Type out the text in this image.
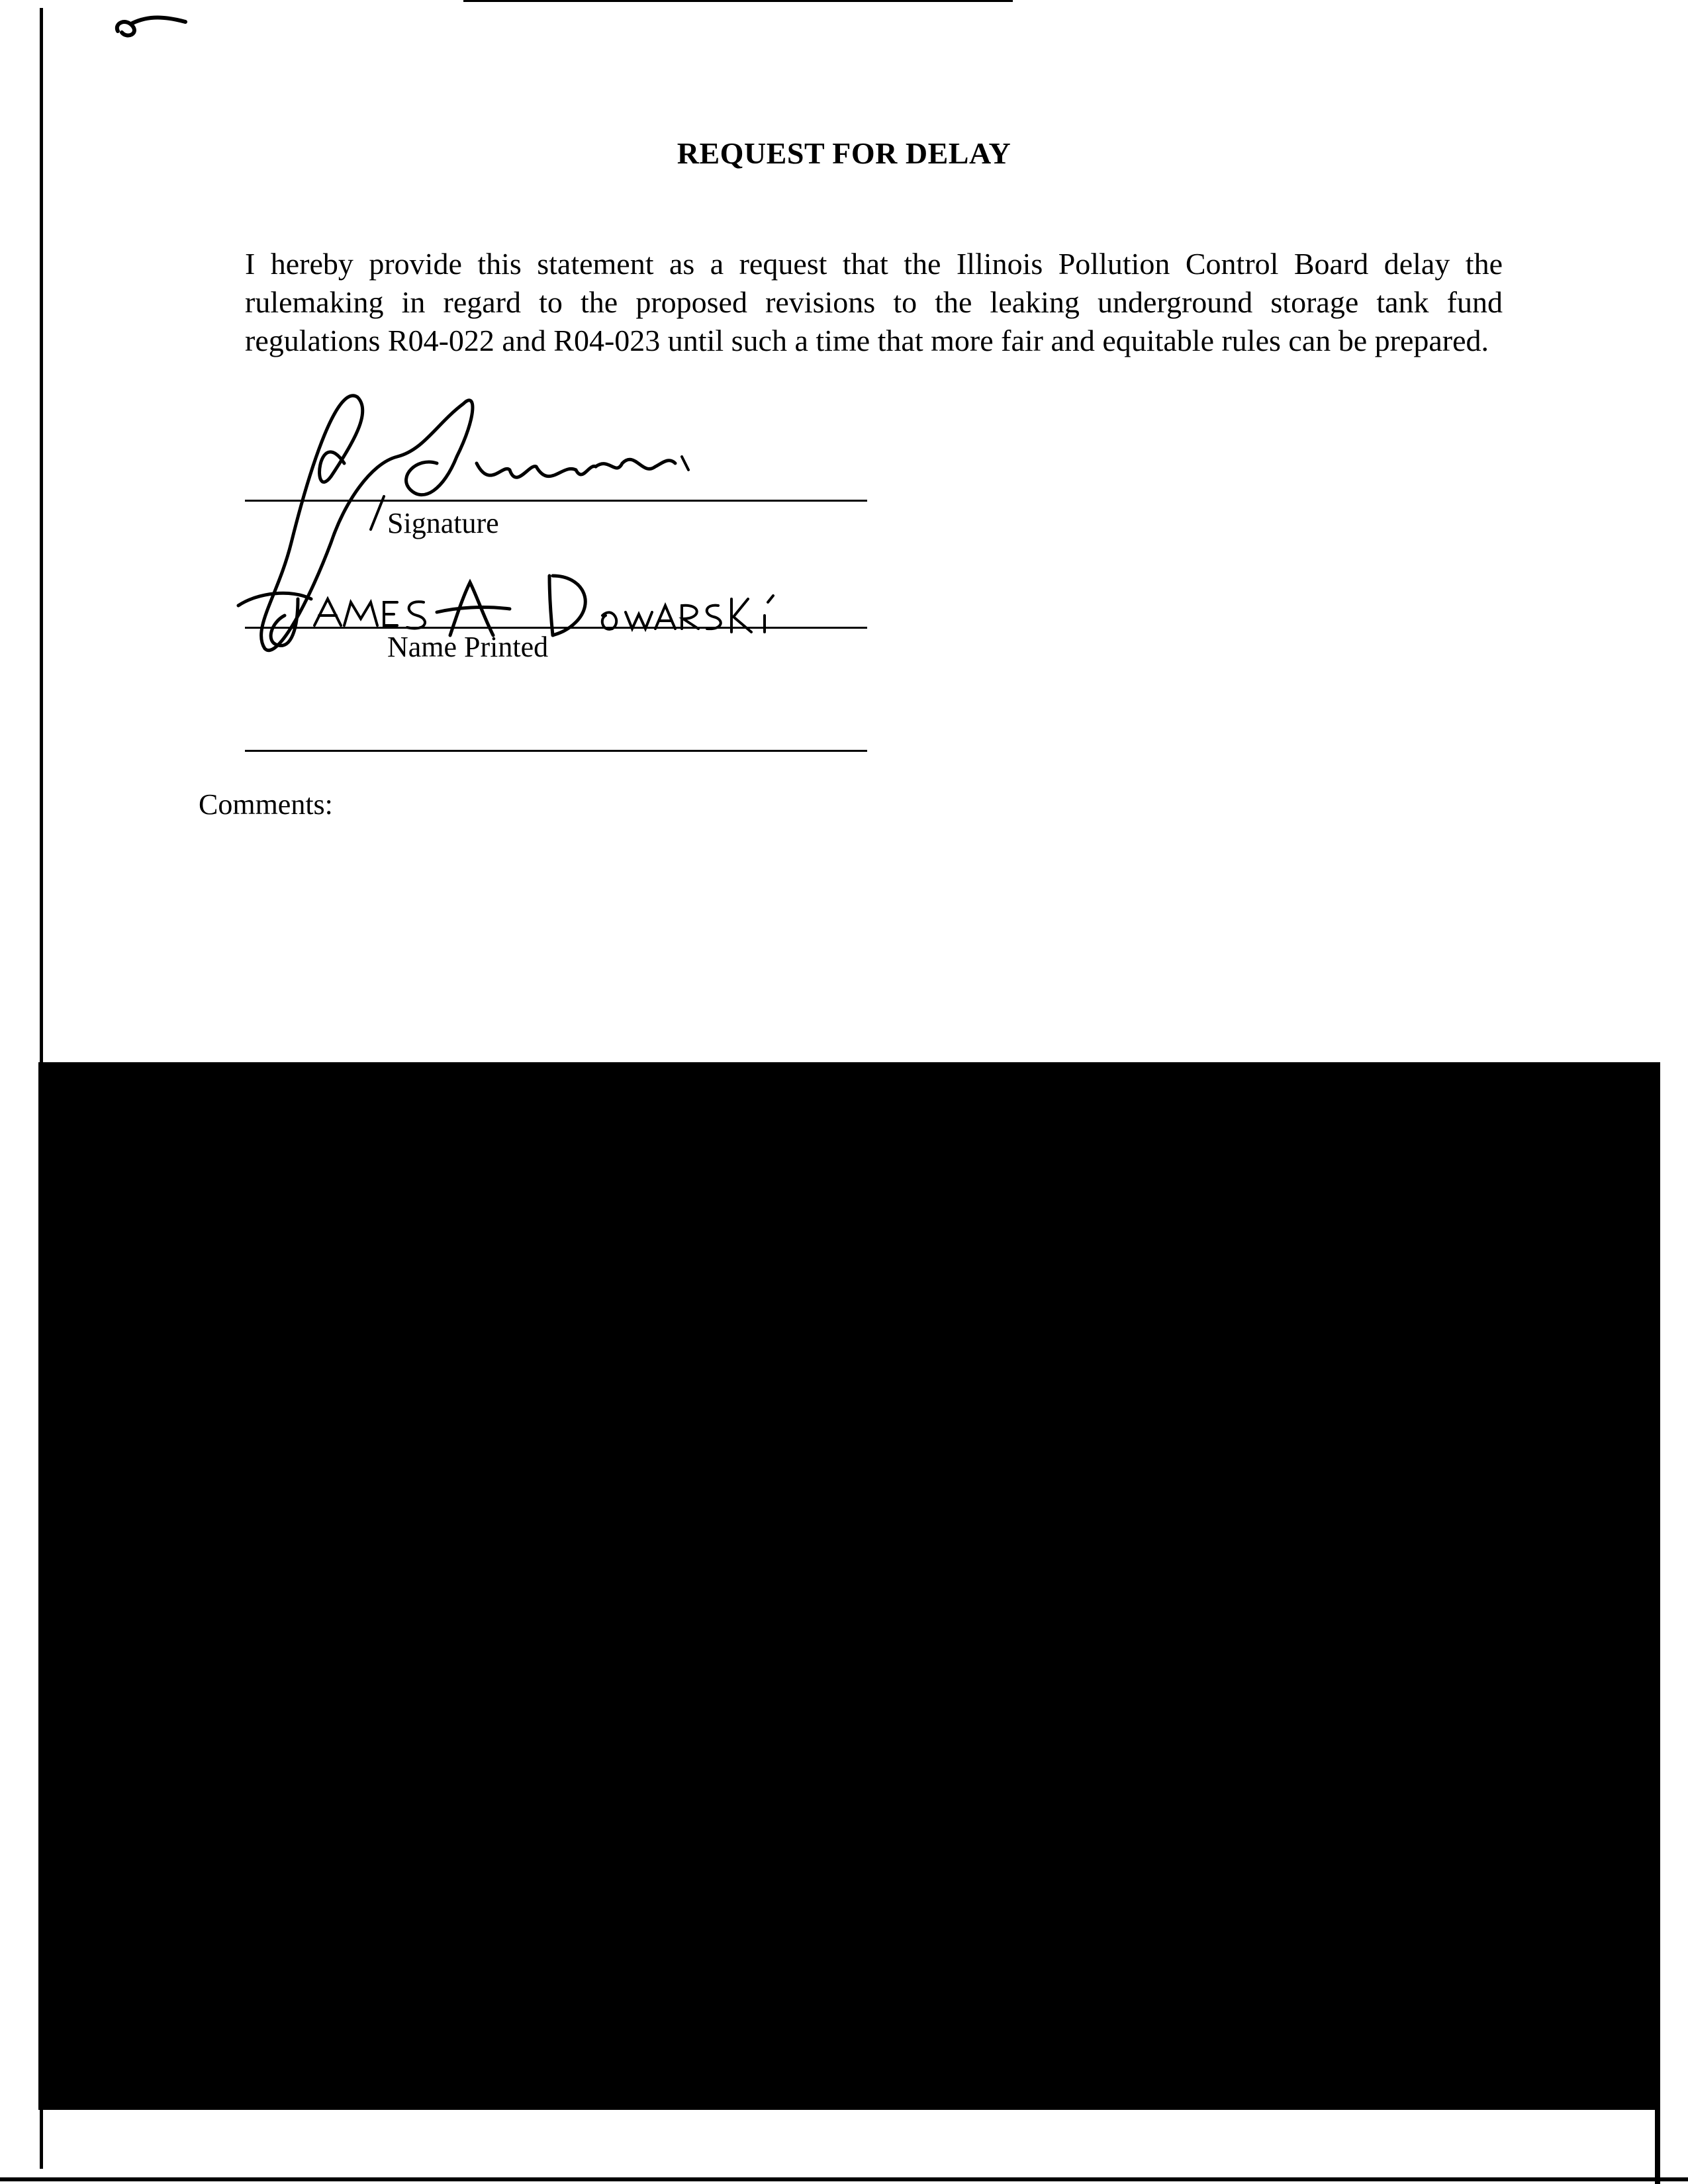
REQUEST FOR DELAY
I hereby provide this statement as a request that the Illinois Pollution Control Board delay the rulemaking in regard to the proposed revisions to the leaking underground storage tank fund regulations R04-022 and R04-023 until such a time that more fair and equitable rules can be prepared.
Signature
Name Printed
Comments:
